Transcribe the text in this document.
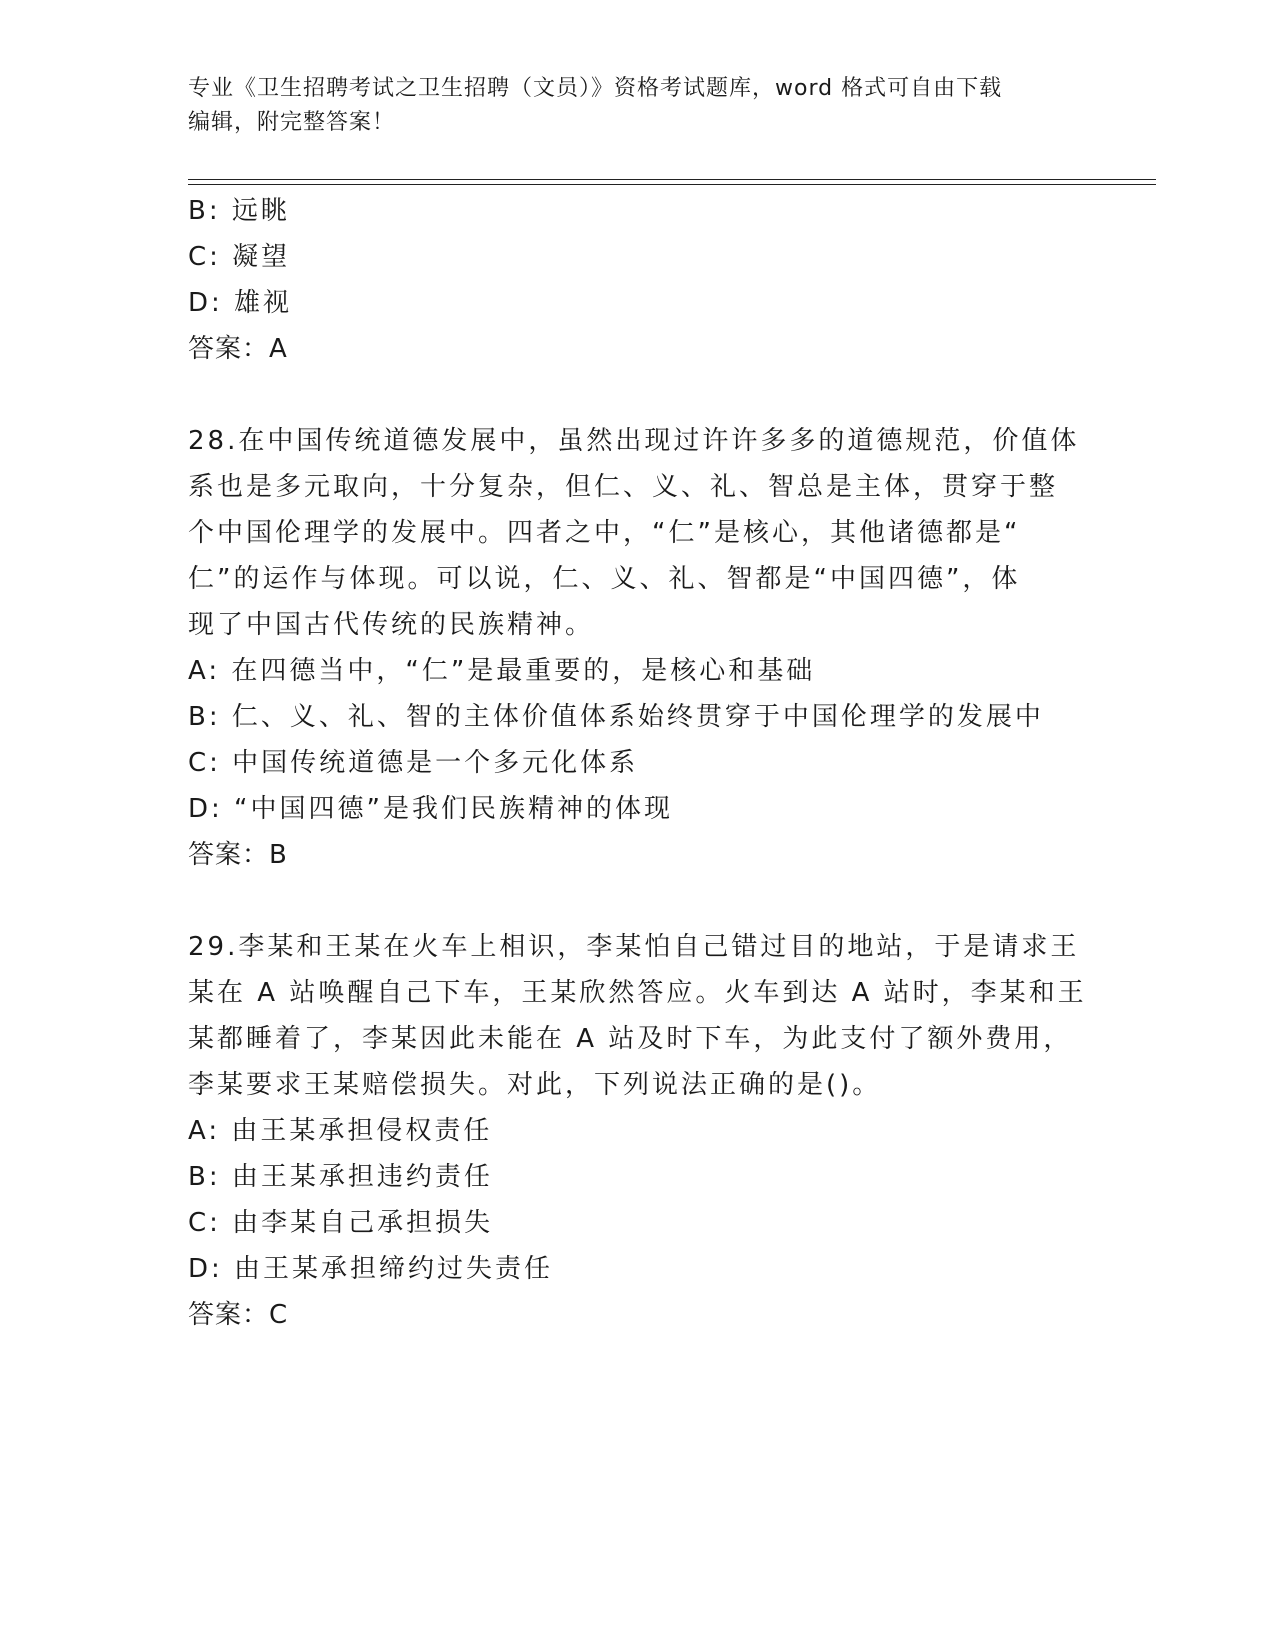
专业《卫生招聘考试之卫生招聘（文员）》资格考试题库，word 格式可自由下载
编辑，附完整答案！
B: 远眺
C: 凝望
D: 雄视
答案：A
28.在中国传统道德发展中，虽然出现过许许多多的道德规范，价值体
系也是多元取向，十分复杂，但仁、义、礼、智总是主体，贯穿于整
个中国伦理学的发展中。四者之中，“仁”是核心，其他诸德都是“
仁”的运作与体现。可以说，仁、义、礼、智都是“中国四德”，体
现了中国古代传统的民族精神。
A: 在四德当中，“仁”是最重要的，是核心和基础
B: 仁、义、礼、智的主体价值体系始终贯穿于中国伦理学的发展中
C: 中国传统道德是一个多元化体系
D: “中国四德”是我们民族精神的体现
答案：B
29.李某和王某在火车上相识，李某怕自己错过目的地站，于是请求王
某在 A 站唤醒自己下车，王某欣然答应。火车到达 A 站时，李某和王
某都睡着了，李某因此未能在 A 站及时下车，为此支付了额外费用，
李某要求王某赔偿损失。对此，下列说法正确的是()。
A: 由王某承担侵权责任
B: 由王某承担违约责任
C: 由李某自己承担损失
D: 由王某承担缔约过失责任
答案：C
